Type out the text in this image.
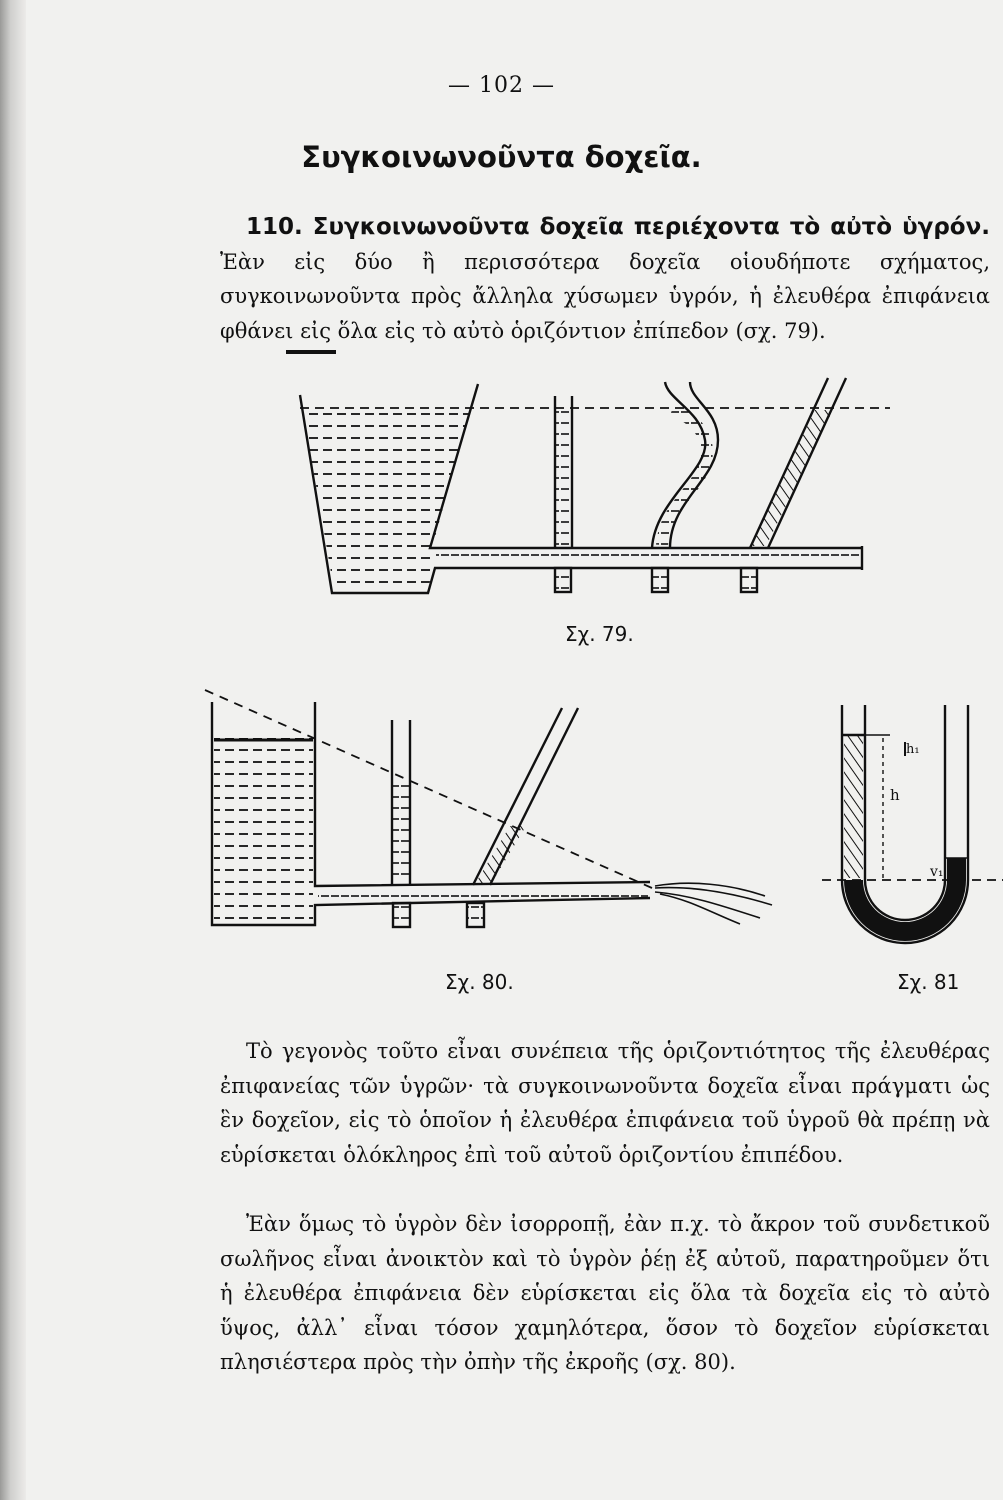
— 102 —
Συγκοινωνοῦντα δοχεῖα.
110. Συγκοινωνοῦντα δοχεῖα περιέχοντα τὸ αὐτὸ ὑγρόν. Ἐὰν εἰς δύο ἢ περισσότερα δοχεῖα οἱουδήποτε σχήματος, συγκοινωνοῦντα πρὸς ἄλληλα χύσωμεν ὑγρόν, ἡ ἐλευθέρα ἐπιφάνεια φθάνει εἰς ὅλα εἰς τὸ αὐτὸ ὁριζόντιον ἐπίπεδον (σχ. 79).
h
v₁
Σχ. 79.
Σχ. 80.	Σχ. 81
h₁
Τὸ γεγονὸς τοῦτο εἶναι συνέπεια τῆς ὁριζοντιότητος τῆς ἐλευθέρας ἐπιφανείας τῶν ὑγρῶν· τὰ συγκοινωνοῦντα δοχεῖα εἶναι πράγματι ὡς ἓν δοχεῖον, εἰς τὸ ὁποῖον ἡ ἐλευθέρα ἐπιφάνεια τοῦ ὑγροῦ θὰ πρέπῃ νὰ εὑρίσκεται ὁλόκληρος ἐπὶ τοῦ αὐτοῦ ὁριζοντίου ἐπιπέδου.
Ἐὰν ὅμως τὸ ὑγρὸν δὲν ἰσορροπῇ, ἐὰν π.χ. τὸ ἄκρον τοῦ συνδετικοῦ σωλῆνος εἶναι ἀνοικτὸν καὶ τὸ ὑγρὸν ῥέῃ ἐξ αὐτοῦ, παρατηροῦμεν ὅτι ἡ ἐλευθέρα ἐπιφάνεια δὲν εὑρίσκεται εἰς ὅλα τὰ δοχεῖα εἰς τὸ αὐτὸ ὕψος, ἀλλ᾽ εἶναι τόσον χαμηλότερα, ὅσον τὸ δοχεῖον εὑρίσκεται πλησιέστερα πρὸς τὴν ὀπὴν τῆς ἐκροῆς (σχ. 80).
